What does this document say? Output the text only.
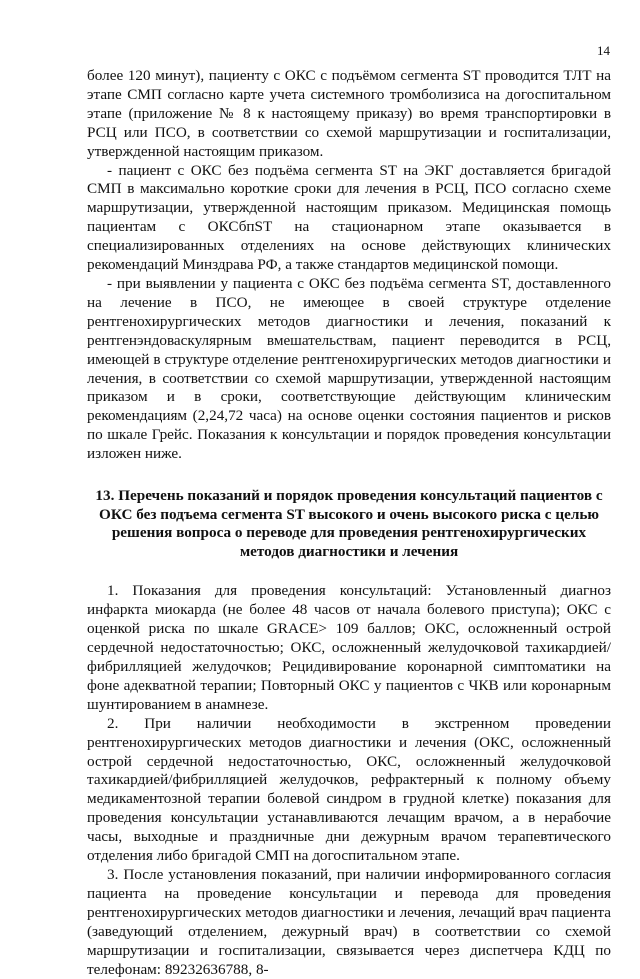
14

более 120 минут), пациенту с ОКС с подъёмом сегмента ST проводится ТЛТ на этапе СМП согласно карте учета системного тромболизиса на догоспитальном этапе (приложение № 8 к настоящему приказу) во время транспортировки в РСЦ или ПСО, в соответствии со схемой маршрутизации и госпитализации, утвержденной настоящим приказом.

- пациент с ОКС без подъёма сегмента ST на ЭКГ доставляется бригадой СМП в максимально короткие сроки для лечения в РСЦ, ПСО согласно схеме маршрутизации, утвержденной настоящим приказом. Медицинская помощь пациентам с ОКСбпST на стационарном этапе оказывается в специализированных отделениях на основе действующих клинических рекомендаций Минздрава РФ, а также стандартов медицинской помощи.

- при выявлении у пациента с ОКС без подъёма сегмента ST, доставленного на лечение в ПСО, не имеющее в своей структуре отделение рентгенохирургических методов диагностики и лечения, показаний к рентгенэндоваскулярным вмешательствам, пациент переводится в РСЦ, имеющей в структуре отделение рентгенохирургических методов диагностики и лечения, в соответствии со схемой маршрутизации, утвержденной настоящим приказом и в сроки, соответствующие действующим клиническим рекомендациям (2,24,72 часа) на основе оценки состояния пациентов и рисков по шкале Грейс. Показания к консультации и порядок проведения консультации изложен ниже.

13. Перечень показаний и порядок проведения консультаций пациентов с ОКС без подъема сегмента ST высокого и очень высокого риска с целью решения вопроса о переводе для проведения рентгенохирургических методов диагностики и лечения

1. Показания для проведения консультаций: Установленный диагноз инфаркта миокарда (не более 48 часов от начала болевого приступа); ОКС с оценкой риска по шкале GRACE> 109 баллов; ОКС, осложненный острой сердечной недостаточностью; ОКС, осложненный желудочковой тахикардией/фибрилляцией желудочков; Рецидивирование коронарной симптоматики на фоне адекватной терапии; Повторный ОКС у пациентов с ЧКВ или коронарным шунтированием в анамнезе.

2. При наличии необходимости в экстренном проведении рентгенохирургических методов диагностики и лечения (ОКС, осложненный острой сердечной недостаточностью, ОКС, осложненный желудочковой тахикардией/фибрилляцией желудочков, рефрактерный к полному объему медикаментозной терапии болевой синдром в грудной клетке) показания для проведения консультации устанавливаются лечащим врачом, а в нерабочие часы, выходные и праздничные дни дежурным врачом терапевтического отделения либо бригадой СМП на догоспитальном этапе.

3. После установления показаний, при наличии информированного согласия пациента на проведение консультации и перевода для проведения рентгенохирургических методов диагностики и лечения, лечащий врач пациента (заведующий отделением, дежурный врач) в соответствии со схемой маршрутизации и госпитализации, связывается через диспетчера КДЦ по телефонам: 89232636788, 8-
